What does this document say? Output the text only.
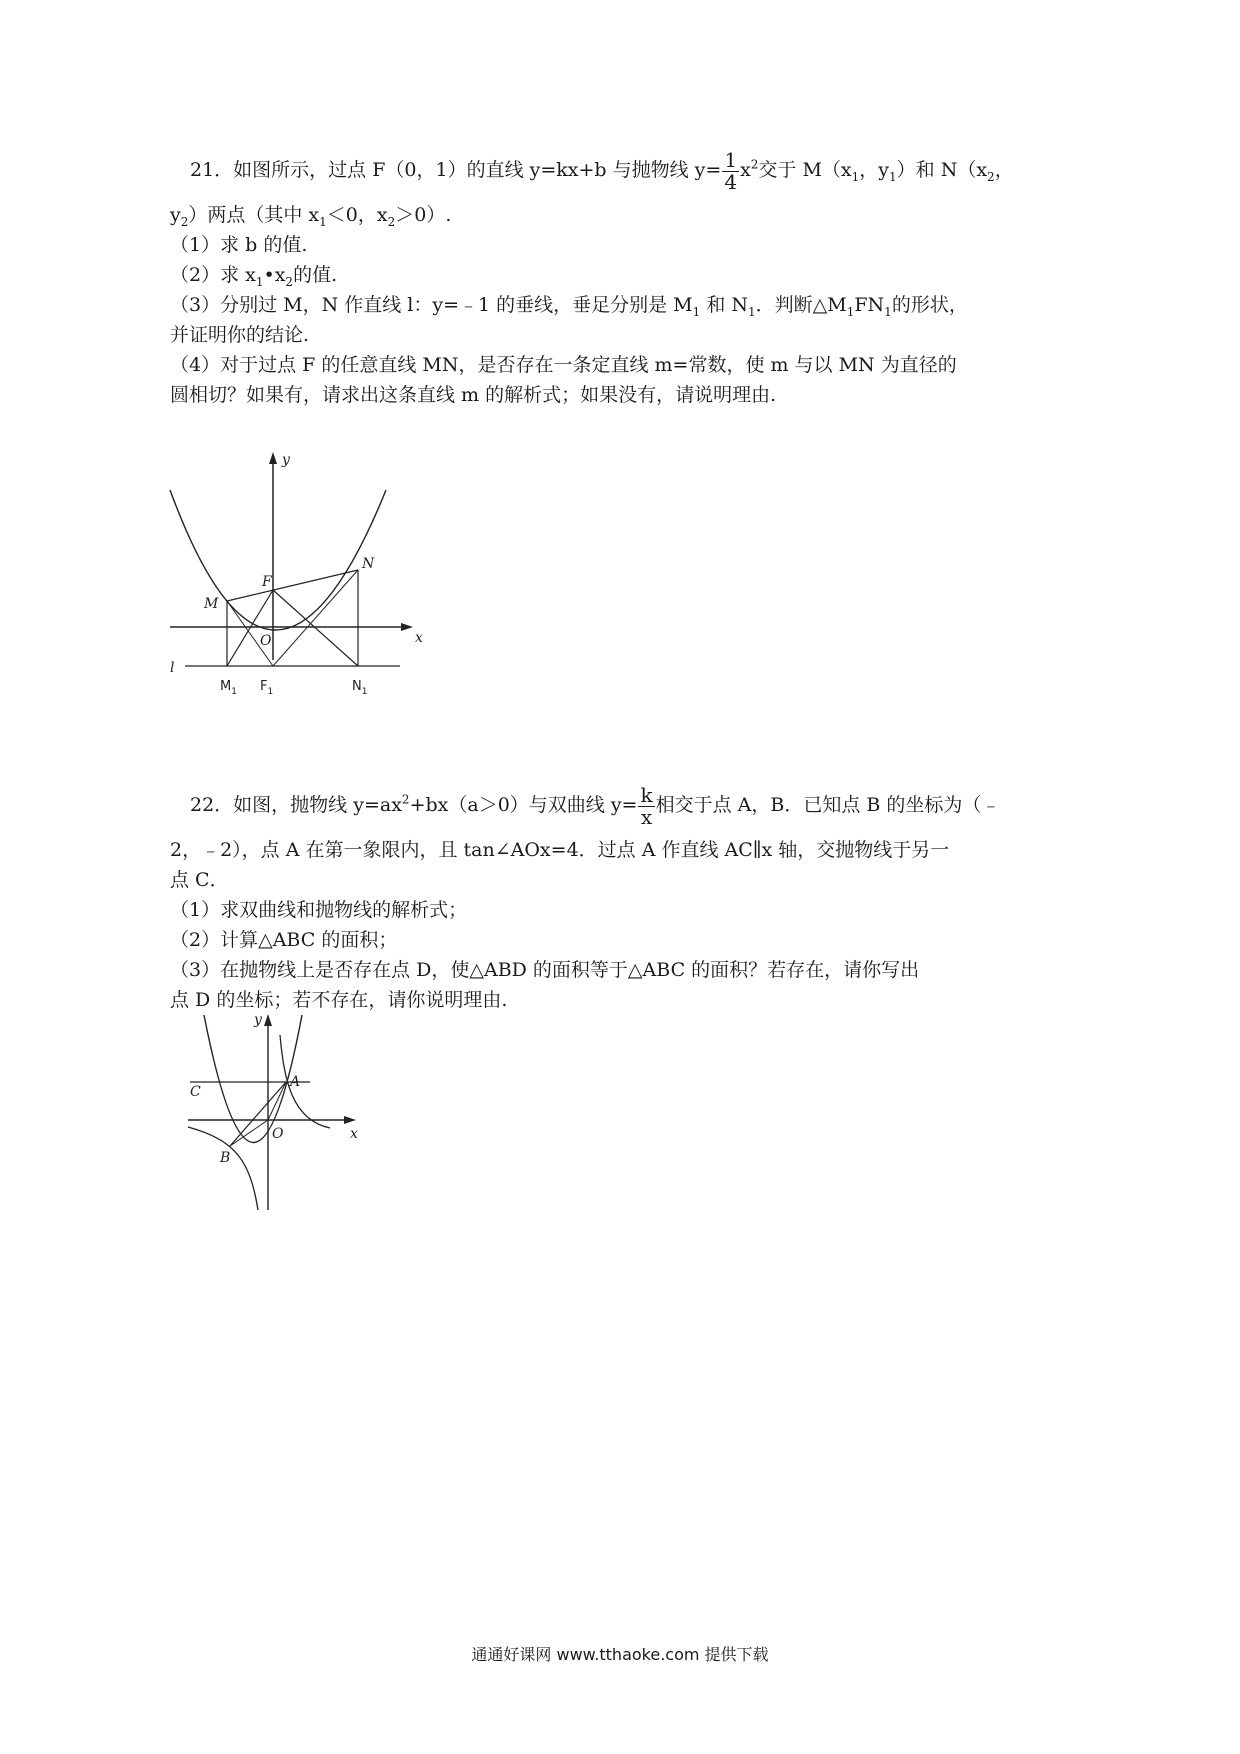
21．如图所示，过点 F（0，1）的直线 y=kx+b 与抛物线 $y= \frac{1}{4} x^2$交于 $M(x_1$，$y_1$）和 $N(x_2$，
$y_2$）两点（其中 $x_1<0$，$x_2>0$）.
（1）求 b 的值.
（2）求 $x_1•x_2$的值.
（3）分别过 M，N 作直线 l：y=﹣1 的垂线，垂足分别是 $M_1$ 和 $N_1$．判断$\triangle M_1FN_1$的形状，
并证明你的结论.
（4）对于过点 F 的任意直线 MN，是否存在一条定直线 m=常数，使 m 与以 MN 为直径的
圆相切？如果有，请求出这条直线 m 的解析式；如果没有，请说明理由.
y
x
F
M
N
O
l
$M_1$ $F_1$	$N_1$
22．如图，抛物线 $y=ax^2+bx(a>0)$与双曲线 $y= \frac{k}{x}$ 相交于点 A，B．已知点 B 的坐标为（﹣
2，﹣2），点 A 在第一象限内，且 tan∠AOx=4．过点 A 作直线 AC∥x 轴，交抛物线于另一
点 C．
（1）求双曲线和抛物线的解析式；
（2）计算△ABC 的面积；
（3）在抛物线上是否存在点 D，使△ABD 的面积等于△ABC 的面积？若存在，请你写出
点 D 的坐标；若不存在，请你说明理由.
y
x
A
C
B
O
通通好课网 www.tthaoke.com 提供下载
